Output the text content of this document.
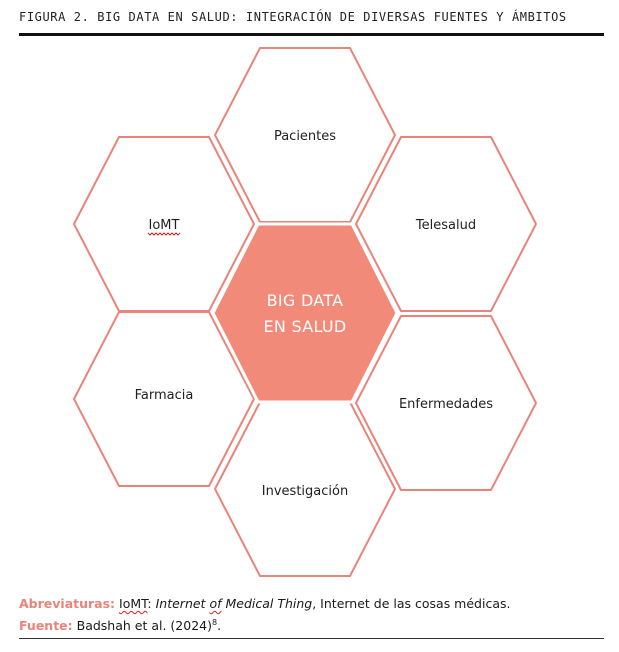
FIGURA 2. BIG DATA EN SALUD: INTEGRACIÓN DE DIVERSAS FUENTES Y ÁMBITOS
Pacientes
IoMT	Telesalud
Farmacia
Enfermedades
Investigación
BIG DATA
EN SALUD
Abreviaturas: IoMT: Internet of Medical Thing, Internet de las cosas médicas.
Fuente: Badshah et al. $(2024)^8$.
